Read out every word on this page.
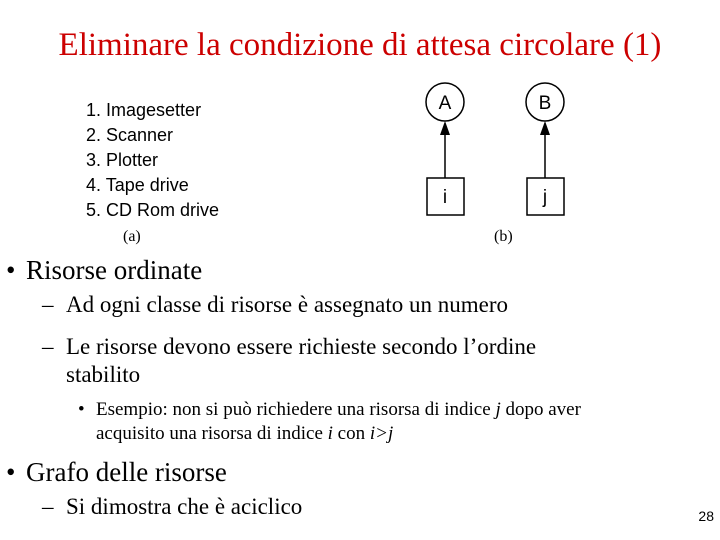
Eliminare la condizione di attesa circolare (1)
1. Imagesetter
2. Scanner
3. Plotter
4. Tape drive
5. CD Rom drive
(a)
A	B
i	j
(b)
• Risorse ordinate
– Ad ogni classe di risorse è assegnato un numero
– Le risorse devono essere richieste secondo l’ordine
stabilito
• Esempio: non si può richiedere una risorsa di indice j dopo aver
acquisito una risorsa di indice i con i>j
• Grafo delle risorse
– Si dimostra che è aciclico	28
